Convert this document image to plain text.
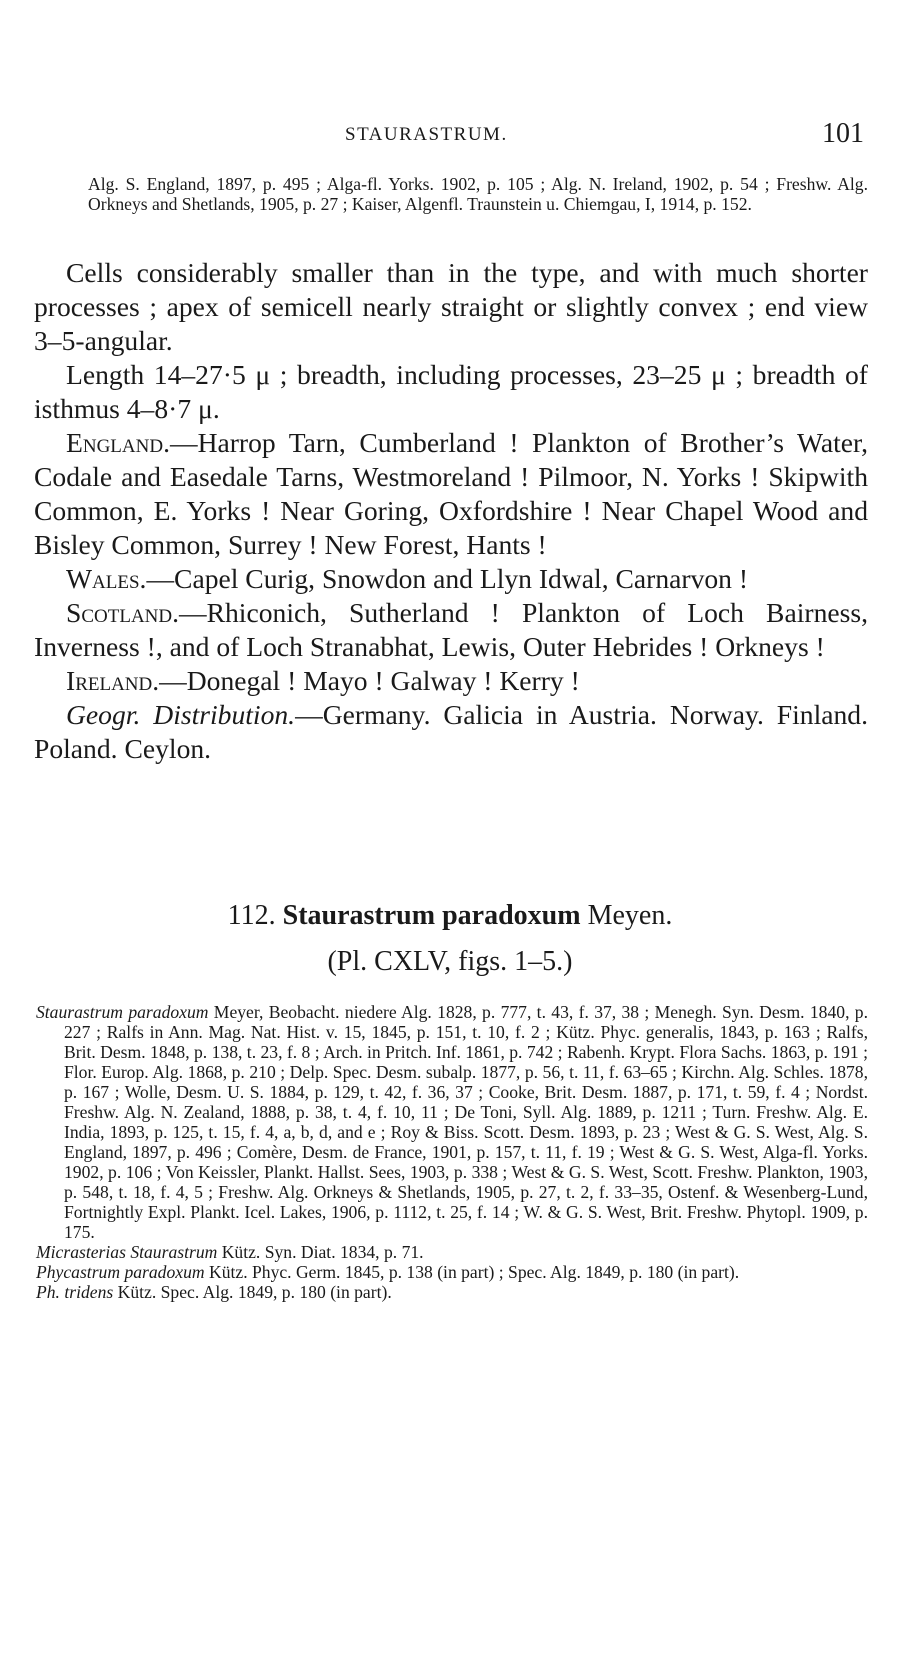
STAURASTRUM.	101

Alg. S. England, 1897, p. 495 ; Alga-fl. Yorks. 1902, p. 105 ; Alg. N. Ireland, 1902, p. 54 ; Freshw. Alg. Orkneys and Shetlands, 1905, p. 27 ; Kaiser, Algenfl. Traunstein u. Chiemgau, I, 1914, p. 152.

Cells considerably smaller than in the type, and with much shorter processes ; apex of semicell nearly straight or slightly convex ; end view 3–5-angular.

Length 14–27·5 μ ; breadth, including processes, 23–25 μ ; breadth of isthmus 4–8·7 μ.

England.—Harrop Tarn, Cumberland ! Plankton of Brother’s Water, Codale and Easedale Tarns, Westmoreland ! Pilmoor, N. Yorks ! Skipwith Common, E. Yorks ! Near Goring, Oxfordshire ! Near Chapel Wood and Bisley Common, Surrey ! New Forest, Hants !

Wales.—Capel Curig, Snowdon and Llyn Idwal, Carnarvon !

Scotland.—Rhiconich, Sutherland ! Plankton of Loch Bairness, Inverness !, and of Loch Stranabhat, Lewis, Outer Hebrides ! Orkneys !

Ireland.—Donegal ! Mayo ! Galway ! Kerry !

Geogr. Distribution.—Germany. Galicia in Austria. Norway. Finland. Poland. Ceylon.

112. Staurastrum paradoxum Meyen.
(Pl. CXLV, figs. 1–5.)

Staurastrum paradoxum Meyer, Beobacht. niedere Alg. 1828, p. 777, t. 43, f. 37, 38 ; Menegh. Syn. Desm. 1840, p. 227 ; Ralfs in Ann. Mag. Nat. Hist. v. 15, 1845, p. 151, t. 10, f. 2 ; Kütz. Phyc. generalis, 1843, p. 163 ; Ralfs, Brit. Desm. 1848, p. 138, t. 23, f. 8 ; Arch. in Pritch. Inf. 1861, p. 742 ; Rabenh. Krypt. Flora Sachs. 1863, p. 191 ; Flor. Europ. Alg. 1868, p. 210 ; Delp. Spec. Desm. subalp. 1877, p. 56, t. 11, f. 63–65 ; Kirchn. Alg. Schles. 1878, p. 167 ; Wolle, Desm. U. S. 1884, p. 129, t. 42, f. 36, 37 ; Cooke, Brit. Desm. 1887, p. 171, t. 59, f. 4 ; Nordst. Freshw. Alg. N. Zealand, 1888, p. 38, t. 4, f. 10, 11 ; De Toni, Syll. Alg. 1889, p. 1211 ; Turn. Freshw. Alg. E. India, 1893, p. 125, t. 15, f. 4, a, b, d, and e ; Roy & Biss. Scott. Desm. 1893, p. 23 ; West & G. S. West, Alg. S. England, 1897, p. 496 ; Comère, Desm. de France, 1901, p. 157, t. 11, f. 19 ; West & G. S. West, Alga-fl. Yorks. 1902, p. 106 ; Von Keissler, Plankt. Hallst. Sees, 1903, p. 338 ; West & G. S. West, Scott. Freshw. Plankton, 1903, p. 548, t. 18, f. 4, 5 ; Freshw. Alg. Orkneys & Shetlands, 1905, p. 27, t. 2, f. 33–35, Ostenf. & Wesenberg-Lund, Fortnightly Expl. Plankt. Icel. Lakes, 1906, p. 1112, t. 25, f. 14 ; W. & G. S. West, Brit. Freshw. Phytopl. 1909, p. 175.

Micrasterias Staurastrum Kütz. Syn. Diat. 1834, p. 71.

Phycastrum paradoxum Kütz. Phyc. Germ. 1845, p. 138 (in part) ; Spec. Alg. 1849, p. 180 (in part).

Ph. tridens Kütz. Spec. Alg. 1849, p. 180 (in part).
